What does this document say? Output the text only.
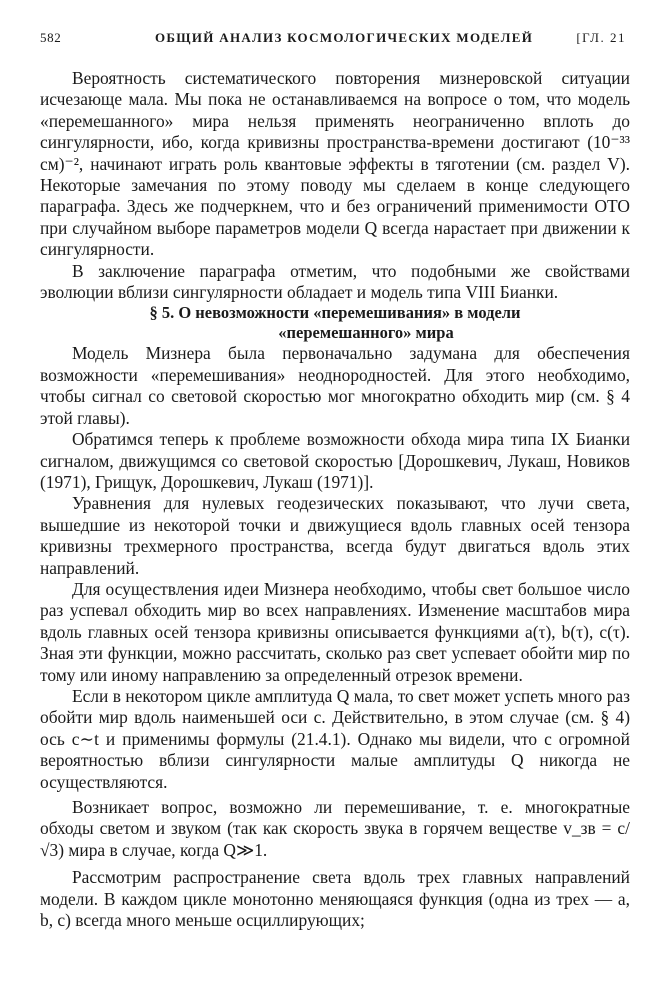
582	ОБЩИЙ АНАЛИЗ КОСМОЛОГИЧЕСКИХ МОДЕЛЕЙ	[ГЛ. 21

Вероятность систематического повторения мизнеровской ситуации исчезающе мала. Мы пока не останавливаемся на вопросе о том, что модель «перемешанного» мира нельзя применять неограниченно вплоть до сингулярности, ибо, когда кривизны пространства-времени достигают (10⁻³³ см)⁻², начинают играть роль квантовые эффекты в тяготении (см. раздел V). Некоторые замечания по этому поводу мы сделаем в конце следующего параграфа. Здесь же подчеркнем, что и без ограничений применимости ОТО при случайном выборе параметров модели Q всегда нарастает при движении к сингулярности.

В заключение параграфа отметим, что подобными же свойствами эволюции вблизи сингулярности обладает и модель типа VIII Бианки.

§ 5. О невозможности «перемешивания» в модели
«перемешанного» мира

Модель Мизнера была первоначально задумана для обеспечения возможности «перемешивания» неоднородностей. Для этого необходимо, чтобы сигнал со световой скоростью мог многократно обходить мир (см. § 4 этой главы).

Обратимся теперь к проблеме возможности обхода мира типа IX Бианки сигналом, движущимся со световой скоростью [Дорошкевич, Лукаш, Новиков (1971), Грищук, Дорошкевич, Лукаш (1971)].

Уравнения для нулевых геодезических показывают, что лучи света, вышедшие из некоторой точки и движущиеся вдоль главных осей тензора кривизны трехмерного пространства, всегда будут двигаться вдоль этих направлений.

Для осуществления идеи Мизнера необходимо, чтобы свет большое число раз успевал обходить мир во всех направлениях. Изменение масштабов мира вдоль главных осей тензора кривизны описывается функциями a(τ), b(τ), c(τ). Зная эти функции, можно рассчитать, сколько раз свет успевает обойти мир по тому или иному направлению за определенный отрезок времени.

Если в некотором цикле амплитуда Q мала, то свет может успеть много раз обойти мир вдоль наименьшей оси c. Действительно, в этом случае (см. § 4) ось c∼t и применимы формулы (21.4.1). Однако мы видели, что с огромной вероятностью вблизи сингулярности малые амплитуды Q никогда не осуществляются.

Возникает вопрос, возможно ли перемешивание, т. е. многократные обходы светом и звуком (так как скорость звука в горячем веществе v_зв = c/√3) мира в случае, когда Q≫1.

Рассмотрим распространение света вдоль трех главных направлений модели. В каждом цикле монотонно меняющаяся функция (одна из трех — a, b, c) всегда много меньше осциллирующих;
